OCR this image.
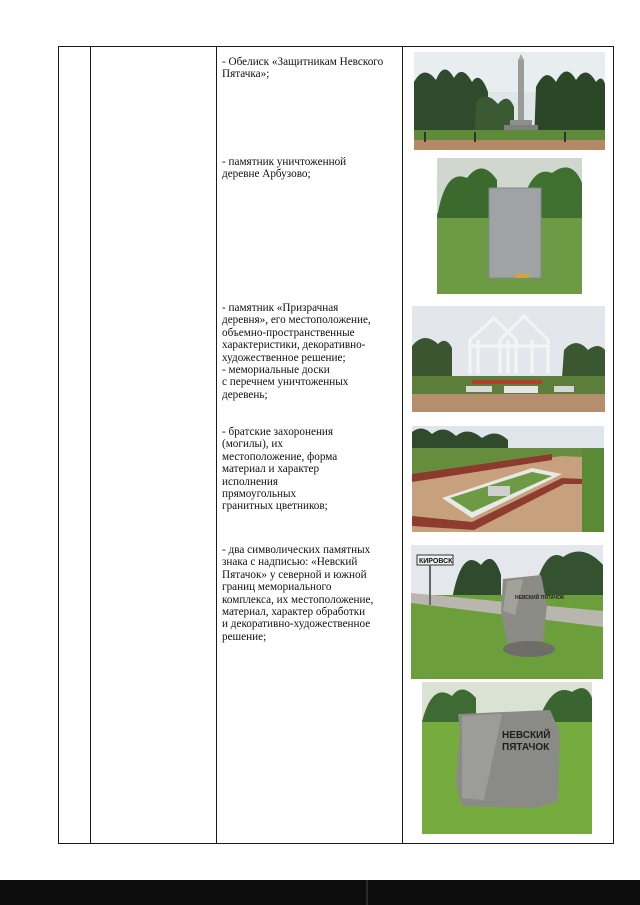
- Обелиск «Защитникам Невского
Пятачка»;
- памятник уничтоженной
деревне Арбузово;
- памятник «Призрачная
деревня», его местоположение,
объемно-пространственные
характеристики, декоративно-
художественное решение;
- мемориальные доски
с перечнем уничтоженных
деревень;
- братские захоронения
(могилы), их
местоположение, форма
материал и характер
исполнения
прямоугольных
гранитных цветников;
- два символических памятных
знака с надписью: «Невский
Пятачок» у северной и южной
границ мемориального
комплекса, их местоположение,
материал, характер обработки
и декоративно-художественное
решение;
КИРОВСК
НЕВСКИЙ ПЯТАЧОК
НЕВСКИЙ
ПЯТАЧОК
